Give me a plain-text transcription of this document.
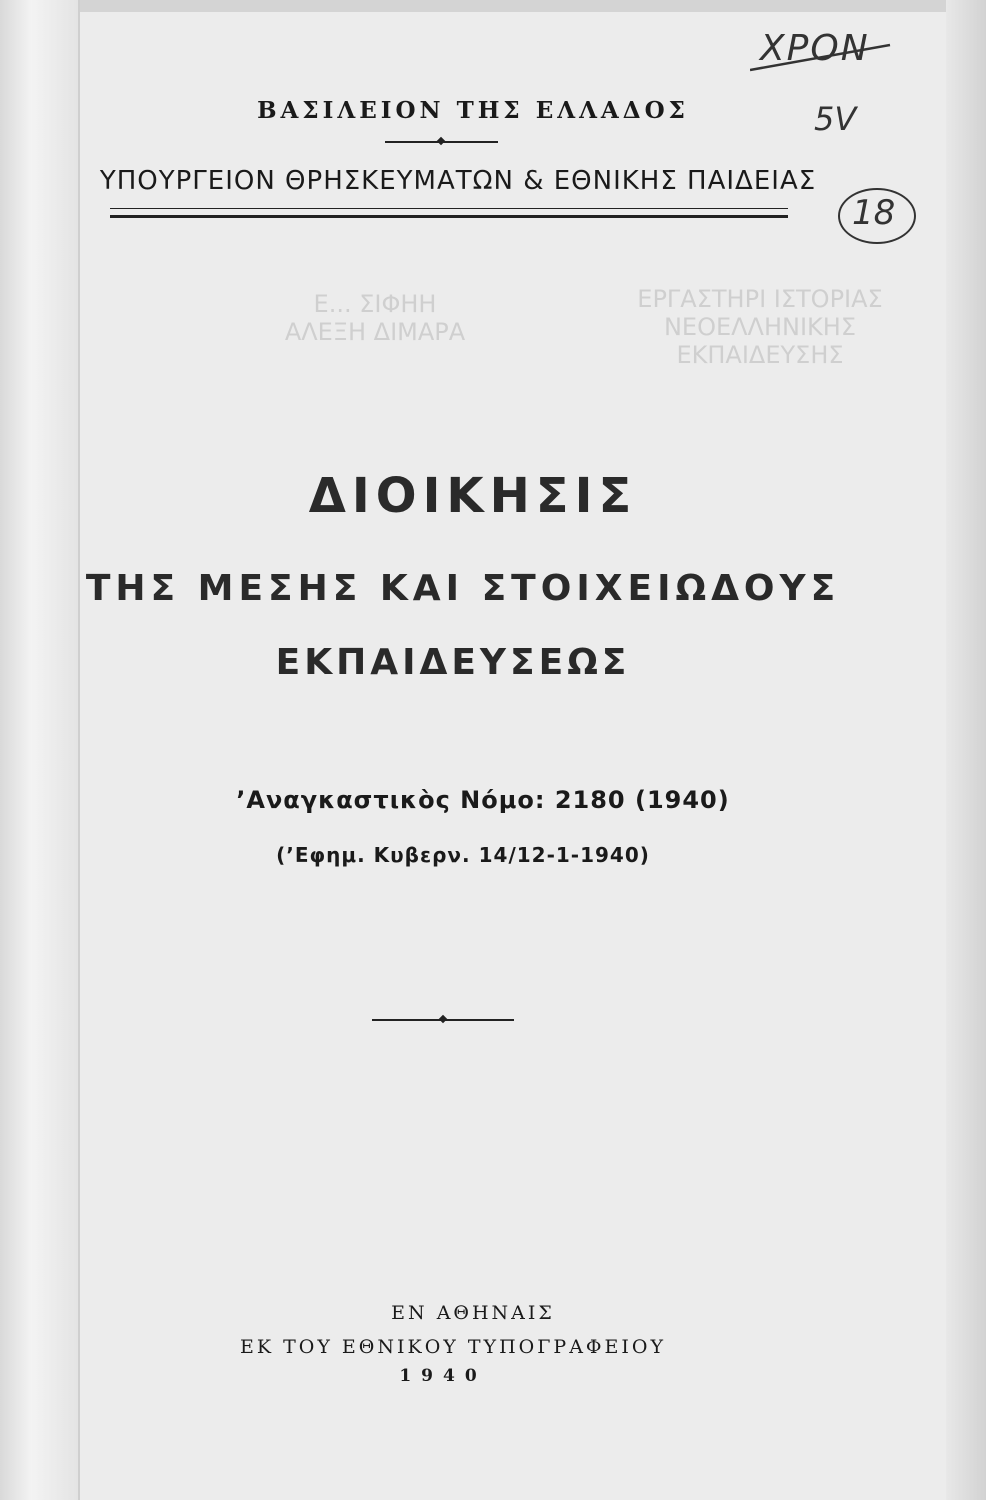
Ε... ΣΙΦΗΗ
ΑΛΕΞΗ ΔΙΜΑΡΑ
ΕΡΓΑΣΤΗΡΙ ΙΣΤΟΡΙΑΣ
ΝΕΟΕΛΛΗΝΙΚΗΣ
ΕΚΠΑΙΔΕΥΣΗΣ
ΒΑΣΙΛΕΙΟΝ ΤΗΣ ΕΛΛΑΔΟΣ
ΥΠΟΥΡΓΕΙΟΝ ΘΡΗΣΚΕΥΜΑΤΩΝ & ΕΘΝΙΚΗΣ ΠΑΙΔΕΙΑΣ
ΔΙΟΙΚΗΣΙΣ
ΤΗΣ ΜΕΣΗΣ ΚΑΙ ΣΤΟΙΧΕΙΩΔΟΥΣ
ΕΚΠΑΙΔΕΥΣΕΩΣ
’Αναγκαστικὸς Νόμο: 2180 (1940)
(’Εφημ. Κυβερν. 14/12-1-1940)
ΕΝ ΑΘΗΝΑΙΣ
ΕΚ ΤΟΥ ΕΘΝΙΚΟΥ ΤΥΠΟΓΡΑΦΕΙΟΥ
1940
ΧΡΟΝ
5V
18
